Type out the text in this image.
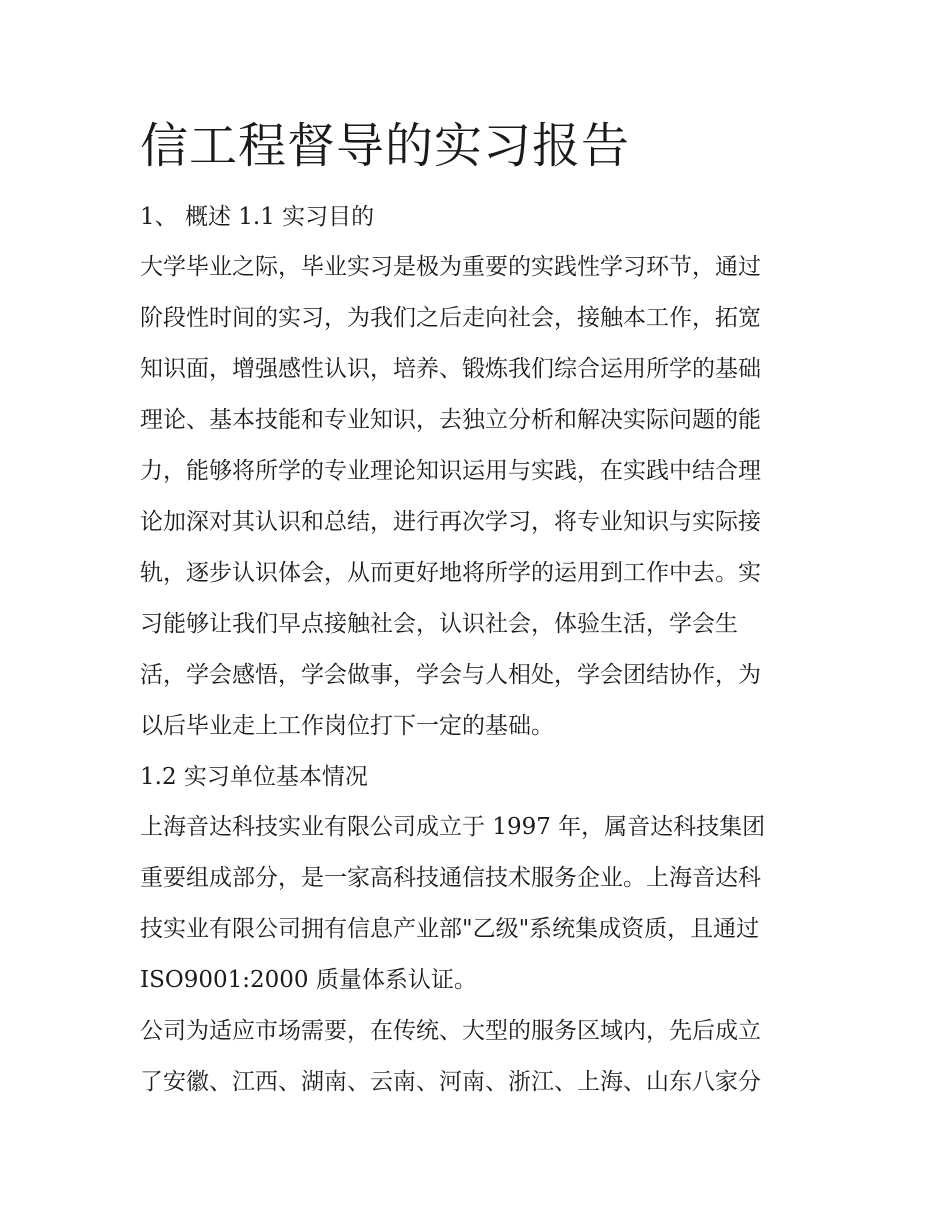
信工程督导的实习报告

1、 概述 1.1 实习目的

大学毕业之际，毕业实习是极为重要的实践性学习环节，通过

阶段性时间的实习，为我们之后走向社会，接触本工作，拓宽

知识面，增强感性认识，培养、锻炼我们综合运用所学的基础

理论、基本技能和专业知识，去独立分析和解决实际问题的能

力，能够将所学的专业理论知识运用与实践，在实践中结合理

论加深对其认识和总结，进行再次学习，将专业知识与实际接

轨，逐步认识体会，从而更好地将所学的运用到工作中去。实

习能够让我们早点接触社会，认识社会，体验生活，学会生

活，学会感悟，学会做事，学会与人相处，学会团结协作，为

以后毕业走上工作岗位打下一定的基础。

1.2 实习单位基本情况

上海音达科技实业有限公司成立于 1997 年，属音达科技集团

重要组成部分，是一家高科技通信技术服务企业。上海音达科

技实业有限公司拥有信息产业部"乙级"系统集成资质，且通过

ISO9001:2000 质量体系认证。

公司为适应市场需要，在传统、大型的服务区域内，先后成立

了安徽、江西、湖南、云南、河南、浙江、上海、山东八家分
